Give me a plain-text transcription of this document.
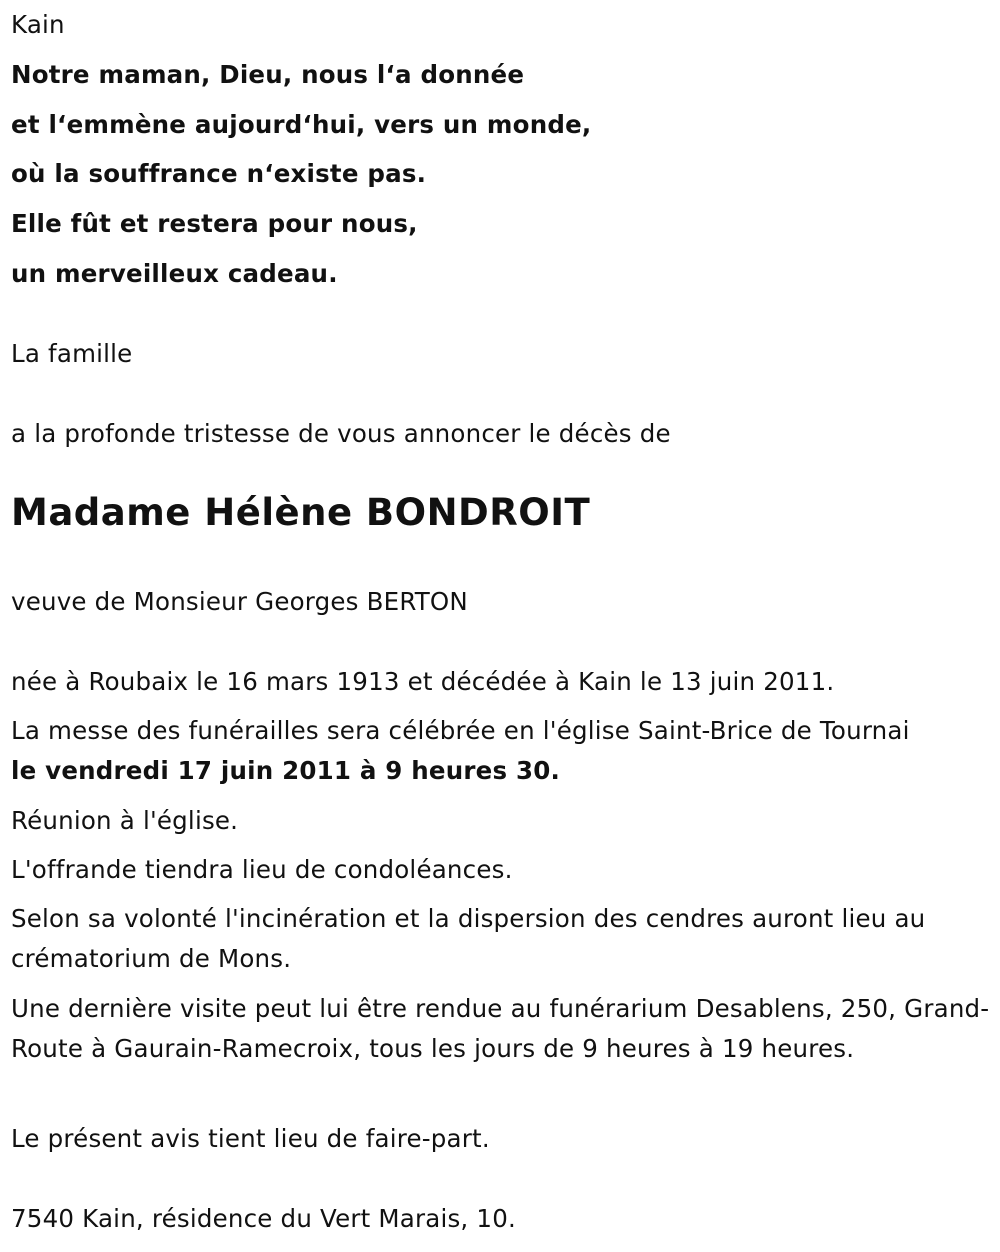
Kain
Notre maman, Dieu, nous l‘a donnée
et l‘emmène aujourd‘hui, vers un monde,
où la souffrance n‘existe pas.
Elle fût et restera pour nous,
un merveilleux cadeau.
La famille
a la profonde tristesse de vous annoncer le décès de
Madame Hélène BONDROIT
veuve de Monsieur Georges BERTON
née à Roubaix le 16 mars 1913 et décédée à Kain le 13 juin 2011.
La messe des funérailles sera célébrée en l'église Saint-Brice de Tournai
le vendredi 17 juin 2011 à 9 heures 30.
Réunion à l'église.
L'offrande tiendra lieu de condoléances.
Selon sa volonté l'incinération et la dispersion des cendres auront lieu au crématorium de Mons.
Une dernière visite peut lui être rendue au funérarium Desablens, 250, Grand-Route à Gaurain-Ramecroix, tous les jours de 9 heures à 19 heures.
Le présent avis tient lieu de faire-part.
7540 Kain, résidence du Vert Marais, 10.
